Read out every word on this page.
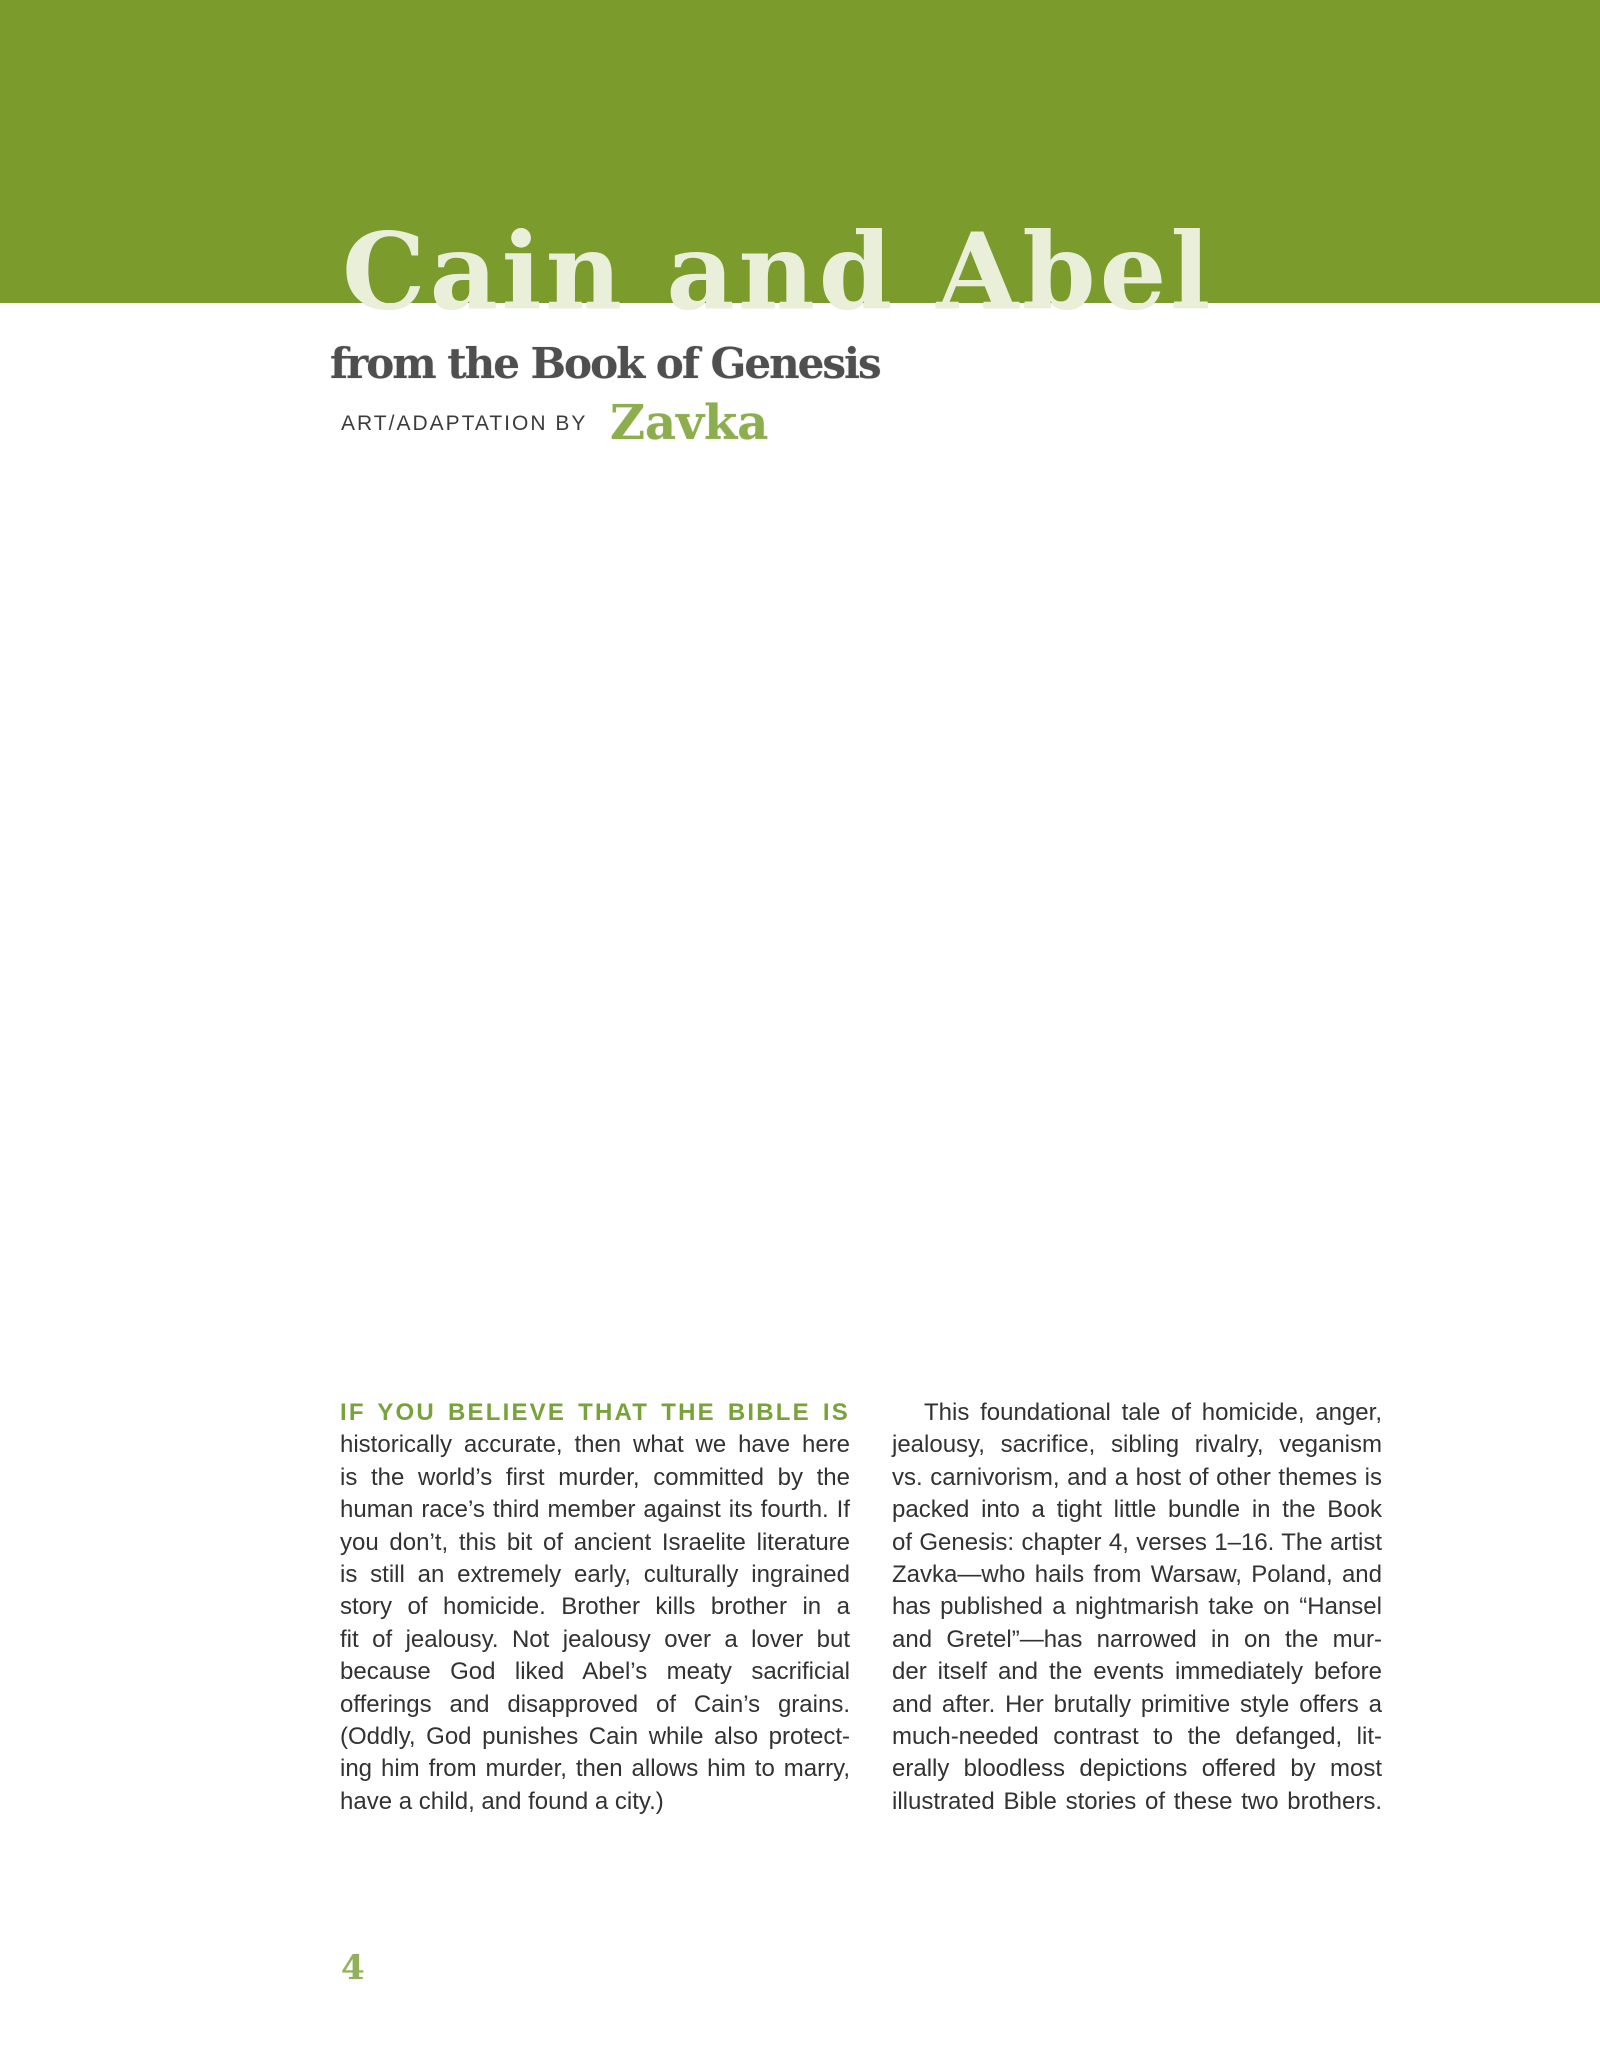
Cain and Abel
from the Book of Genesis
ART/ADAPTATION BY Zavka
IF YOU BELIEVE THAT THE BIBLE IS
historically accurate, then what we have here
is the world’s first murder, committed by the
human race’s third member against its fourth. If
you don’t, this bit of ancient Israelite literature
is still an extremely early, culturally ingrained
story of homicide. Brother kills brother in a
fit of jealousy. Not jealousy over a lover but
because God liked Abel’s meaty sacrificial
offerings and disapproved of Cain’s grains.
(Oddly, God punishes Cain while also protect-
ing him from murder, then allows him to marry,
have a child, and found a city.)
This foundational tale of homicide, anger,
jealousy, sacrifice, sibling rivalry, veganism
vs. carnivorism, and a host of other themes is
packed into a tight little bundle in the Book
of Genesis: chapter 4, verses 1–16. The artist
Zavka—who hails from Warsaw, Poland, and
has published a nightmarish take on “Hansel
and Gretel”—has narrowed in on the mur-
der itself and the events immediately before
and after. Her brutally primitive style offers a
much-needed contrast to the defanged, lit-
erally bloodless depictions offered by most
illustrated Bible stories of these two brothers.
4
